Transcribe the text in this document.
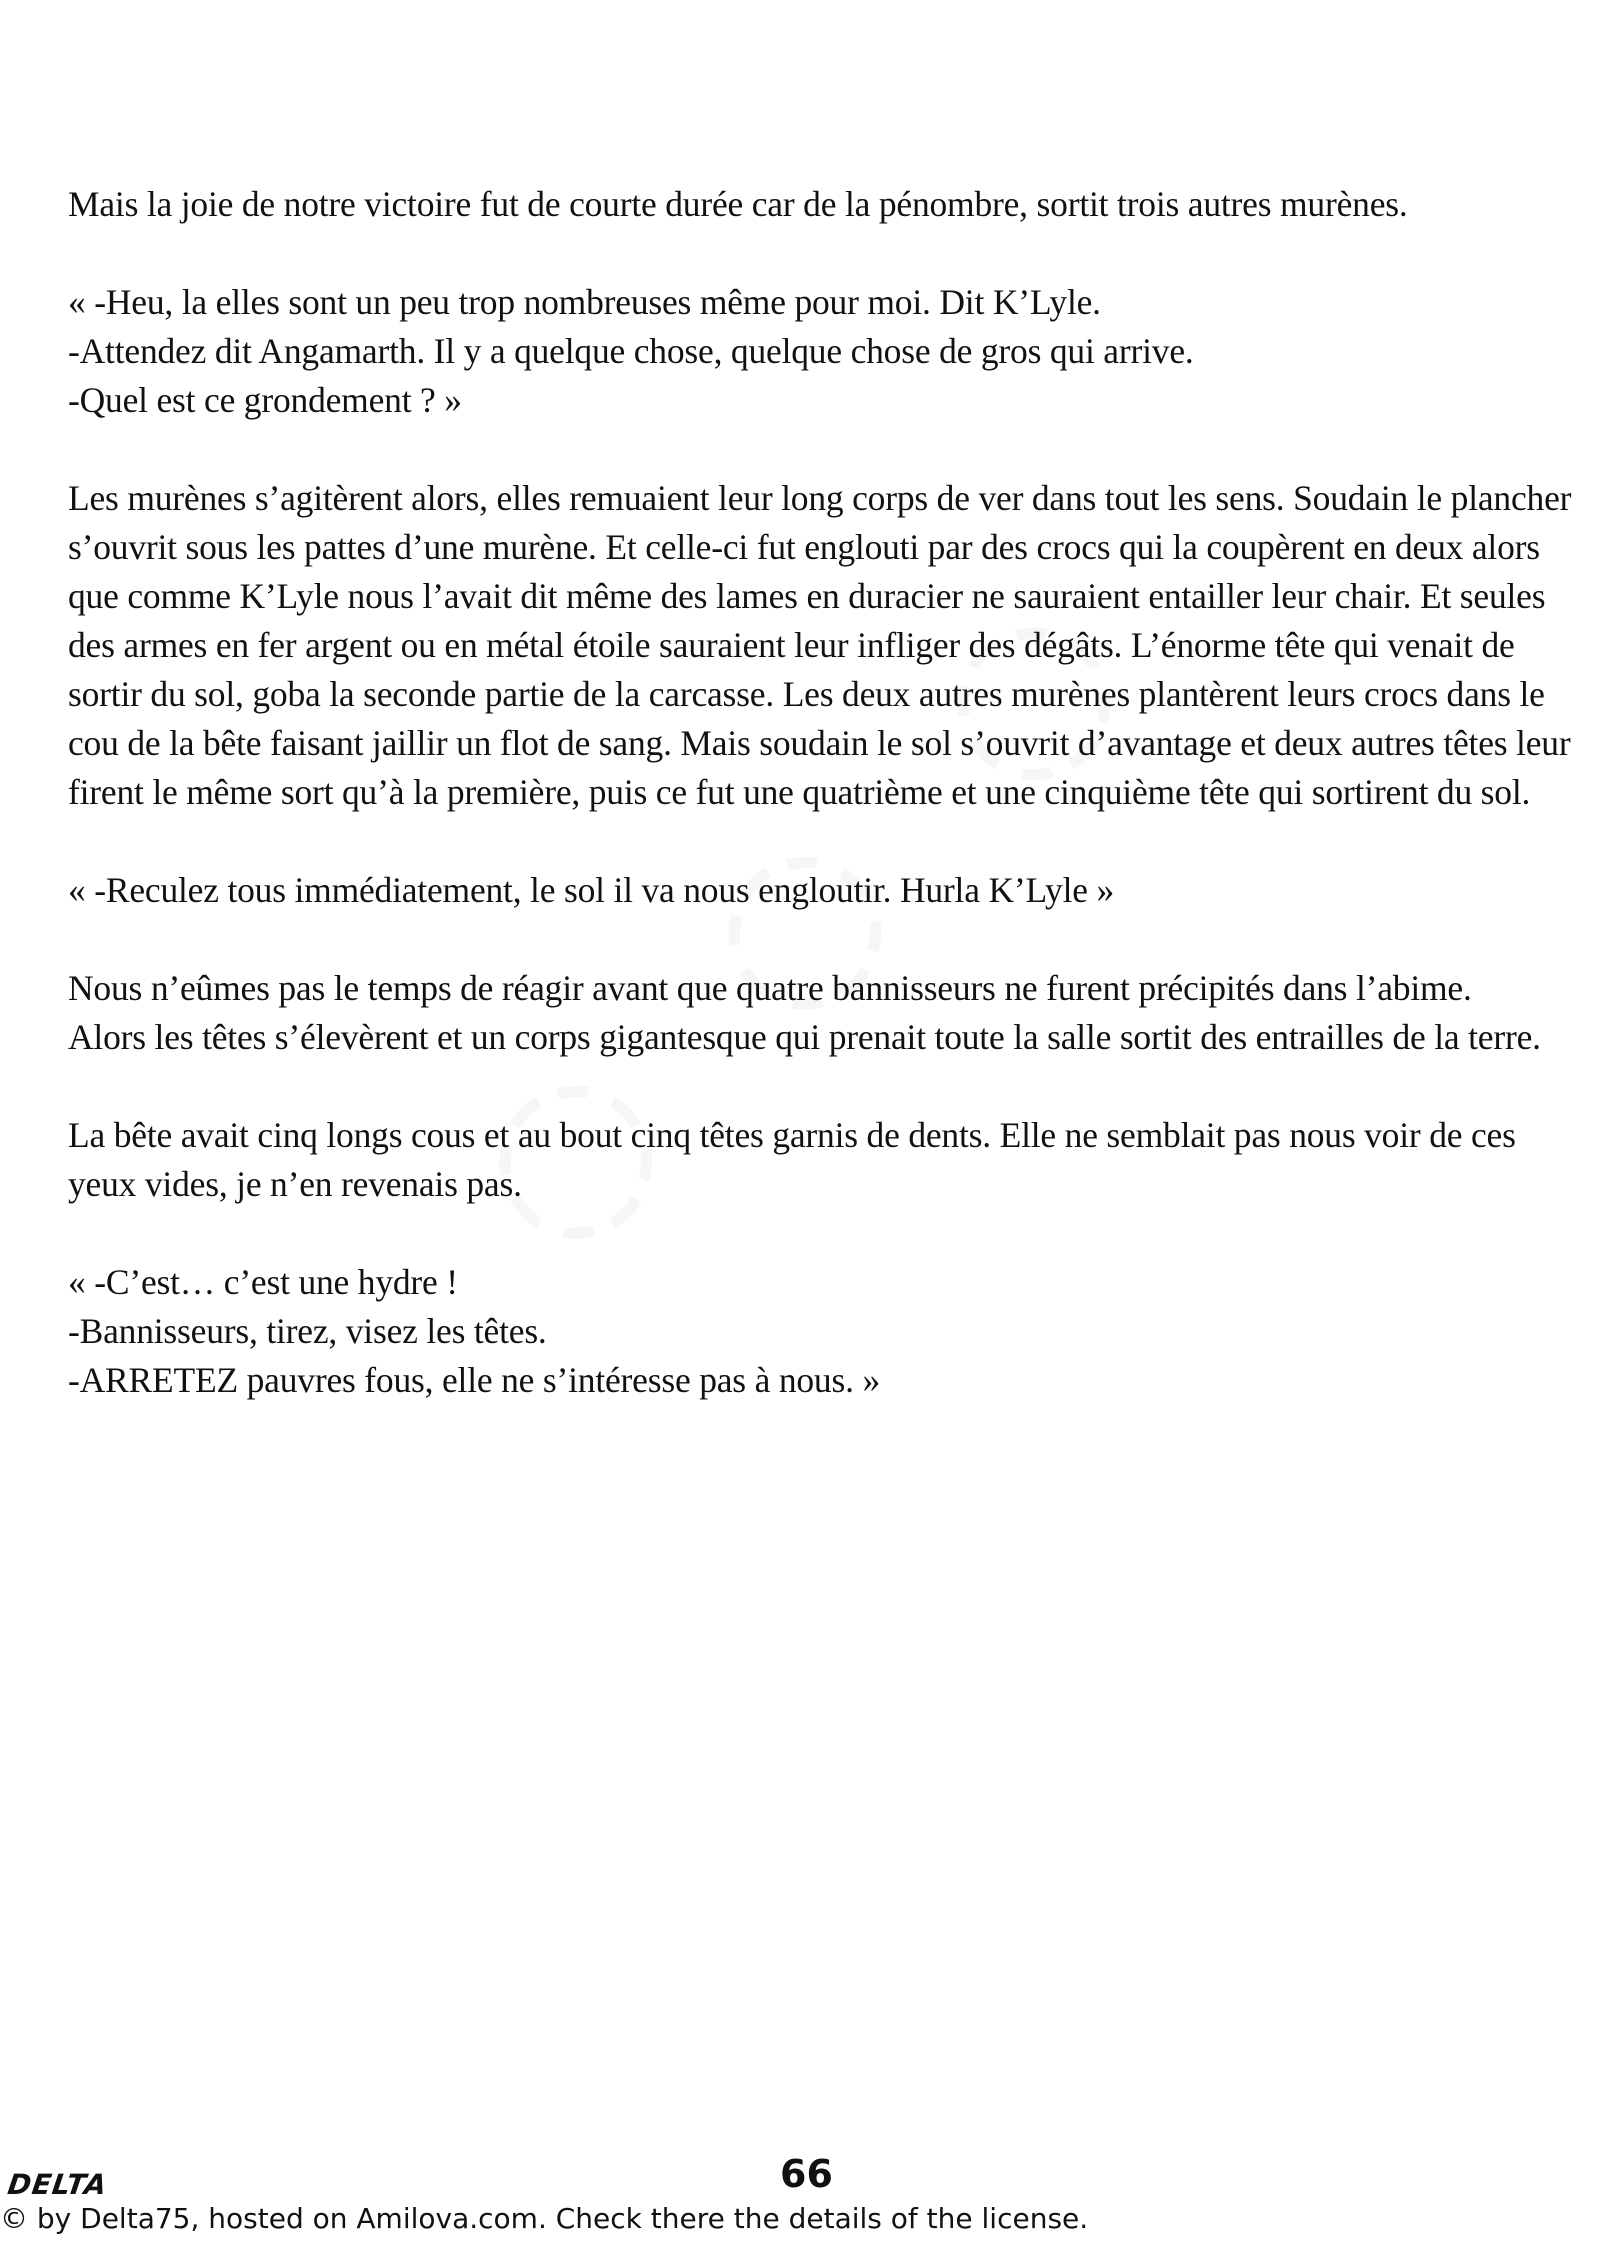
Mais la joie de notre victoire fut de courte durée car de la pénombre, sortit trois autres murènes.

« -Heu, la elles sont un peu trop nombreuses même pour moi. Dit K’Lyle.
-Attendez dit Angamarth. Il y a quelque chose, quelque chose de gros qui arrive.
-Quel est ce grondement ? »

Les murènes s’agitèrent alors, elles remuaient leur long corps de ver dans tout les sens. Soudain le plancher s’ouvrit sous les pattes d’une murène. Et celle-ci fut englouti par des crocs qui la coupèrent en deux alors que comme K’Lyle nous l’avait dit même des lames en duracier ne sauraient entailler leur chair. Et seules des armes en fer argent ou en métal étoile sauraient leur infliger des dégâts. L’énorme tête qui venait de sortir du sol, goba la seconde partie de la carcasse. Les deux autres murènes plantèrent leurs crocs dans le cou de la bête faisant jaillir un flot de sang. Mais soudain le sol s’ouvrit d’avantage et deux autres têtes leur firent le même sort qu’à la première, puis ce fut une quatrième et une cinquième tête qui sortirent du sol.

« -Reculez tous immédiatement, le sol il va nous engloutir. Hurla K’Lyle »

Nous n’eûmes pas le temps de réagir avant que quatre bannisseurs ne furent précipités dans l’abime.
Alors les têtes s’élevèrent et un corps gigantesque qui prenait toute la salle sortit des entrailles de la terre.

La bête avait cinq longs cous et au bout cinq têtes garnis de dents. Elle ne semblait pas nous voir de ces yeux vides, je n’en revenais pas.

« -C’est… c’est une hydre !
-Bannisseurs, tirez, visez les têtes.
-ARRETEZ pauvres fous, elle ne s’intéresse pas à nous. »

DELTA	66
© by Delta75, hosted on Amilova.com. Check there the details of the license.
